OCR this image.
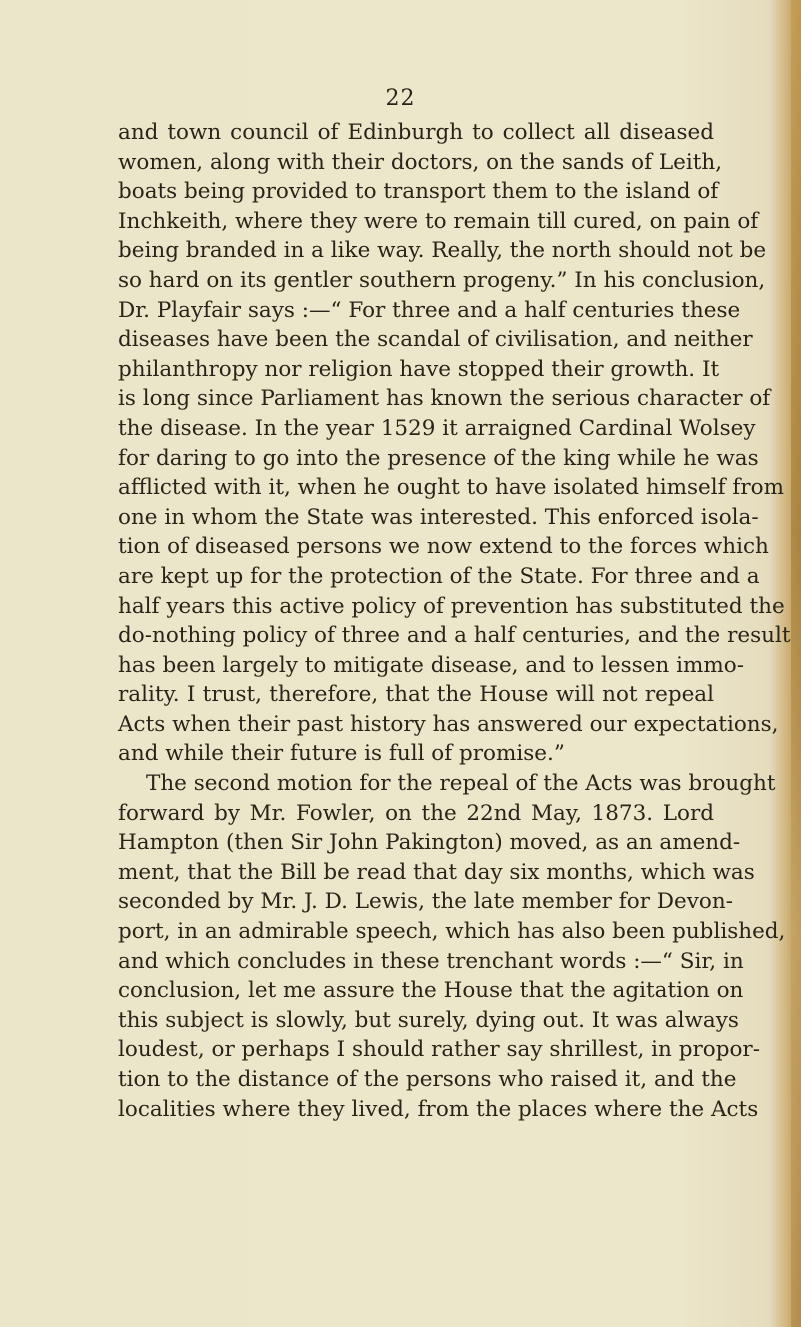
22
and town council of Edinburgh to collect all diseased
women, along with their doctors, on the sands of Leith,
boats being provided to transport them to the island of
Inchkeith, where they were to remain till cured, on pain of
being branded in a like way. Really, the north should not be
so hard on its gentler southern progeny.” In his conclusion,
Dr. Playfair says :—“ For three and a half centuries these
diseases have been the scandal of civilisation, and neither
philanthropy nor religion have stopped their growth. It
is long since Parliament has known the serious character of
the disease. In the year 1529 it arraigned Cardinal Wolsey
for daring to go into the presence of the king while he was
afflicted with it, when he ought to have isolated himself from
one in whom the State was interested. This enforced isola-
tion of diseased persons we now extend to the forces which
are kept up for the protection of the State. For three and a
half years this active policy of prevention has substituted the
do-nothing policy of three and a half centuries, and the result
has been largely to mitigate disease, and to lessen immo-
rality. I trust, therefore, that the House will not repeal
Acts when their past history has answered our expectations,
and while their future is full of promise.”
The second motion for the repeal of the Acts was brought
forward by Mr. Fowler, on the 22nd May, 1873. Lord
Hampton (then Sir John Pakington) moved, as an amend-
ment, that the Bill be read that day six months, which was
seconded by Mr. J. D. Lewis, the late member for Devon-
port, in an admirable speech, which has also been published,
and which concludes in these trenchant words :—“ Sir, in
conclusion, let me assure the House that the agitation on
this subject is slowly, but surely, dying out. It was always
loudest, or perhaps I should rather say shrillest, in propor-
tion to the distance of the persons who raised it, and the
localities where they lived, from the places where the Acts
